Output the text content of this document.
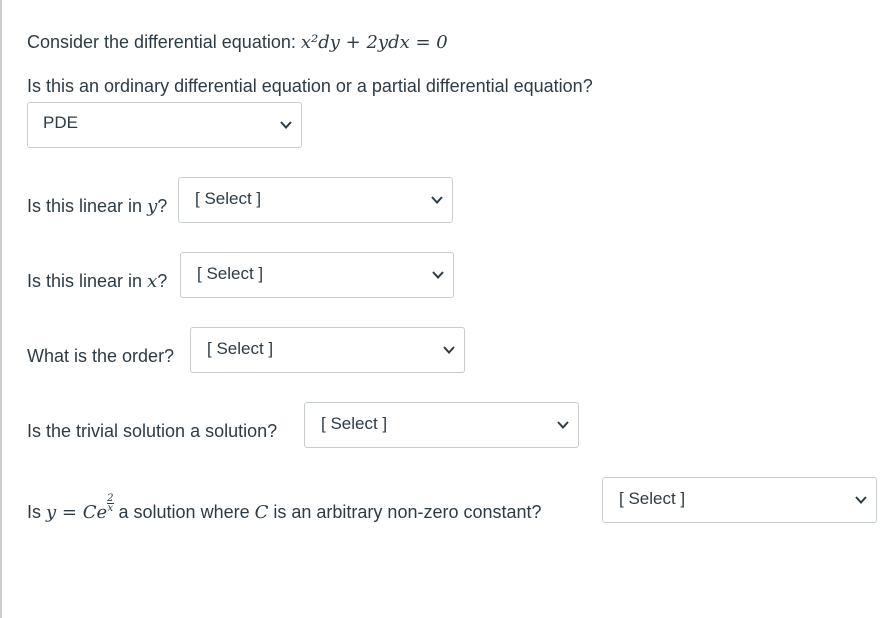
Consider the differential equation: x²dy + 2ydx = 0
Is this an ordinary differential equation or a partial differential equation?
PDE
Is this linear in y? [ Select ]
Is this linear in x? [ Select ]
What is the order? [ Select ]
Is the trivial solution a solution?	[ Select ]
Is y = Ce $\frac{2}{x}$ a solution where C is an arbitrary non-zero constant?
[ Select ]
